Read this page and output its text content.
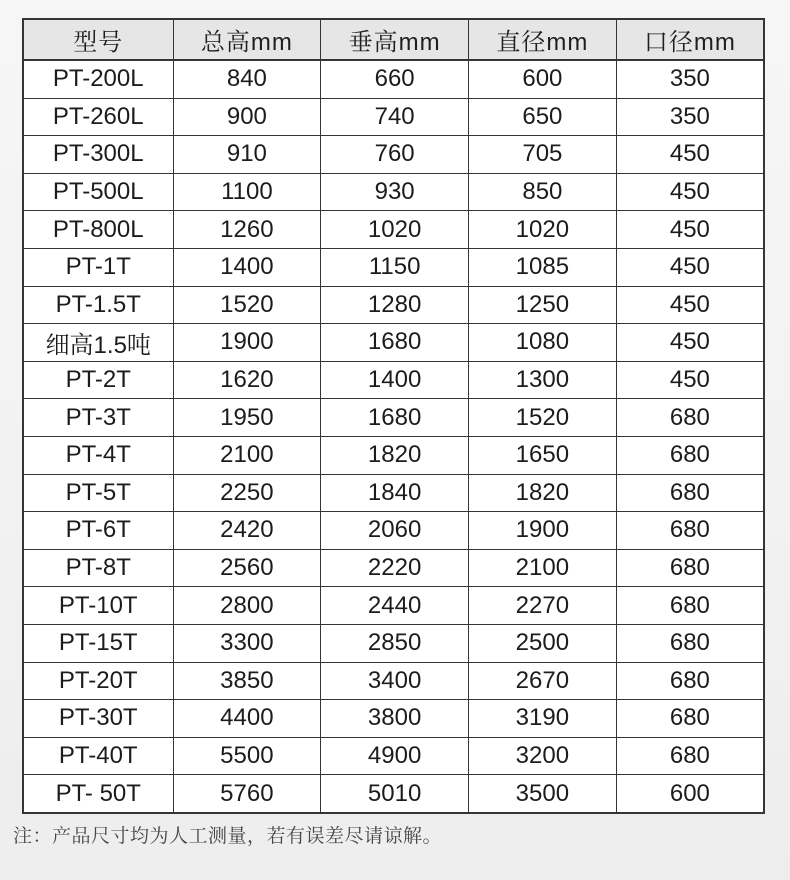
型号	总高mm	垂高mm	直径mm	口径mm
PT-200L	840	660	600	350
PT-260L	900	740	650	350
PT-300L	910	760	705	450
PT-500L	1100	930	850	450
PT-800L	1260	1020	1020	450
PT-1T	1400	1150	1085	450
PT-1.5T	1520	1280	1250	450
细高1.5吨	1900	1680	1080	450
PT-2T	1620	1400	1300	450
PT-3T	1950	1680	1520	680
PT-4T	2100	1820	1650	680
PT-5T	2250	1840	1820	680
PT-6T	2420	2060	1900	680
PT-8T	2560	2220	2100	680
PT-10T	2800	2440	2270	680
PT-15T	3300	2850	2500	680
PT-20T	3850	3400	2670	680
PT-30T	4400	3800	3190	680
PT-40T	5500	4900	3200	680
PT- 50T	5760	5010	3500	600
注：产品尺寸均为人工测量，若有误差尽请谅解。
